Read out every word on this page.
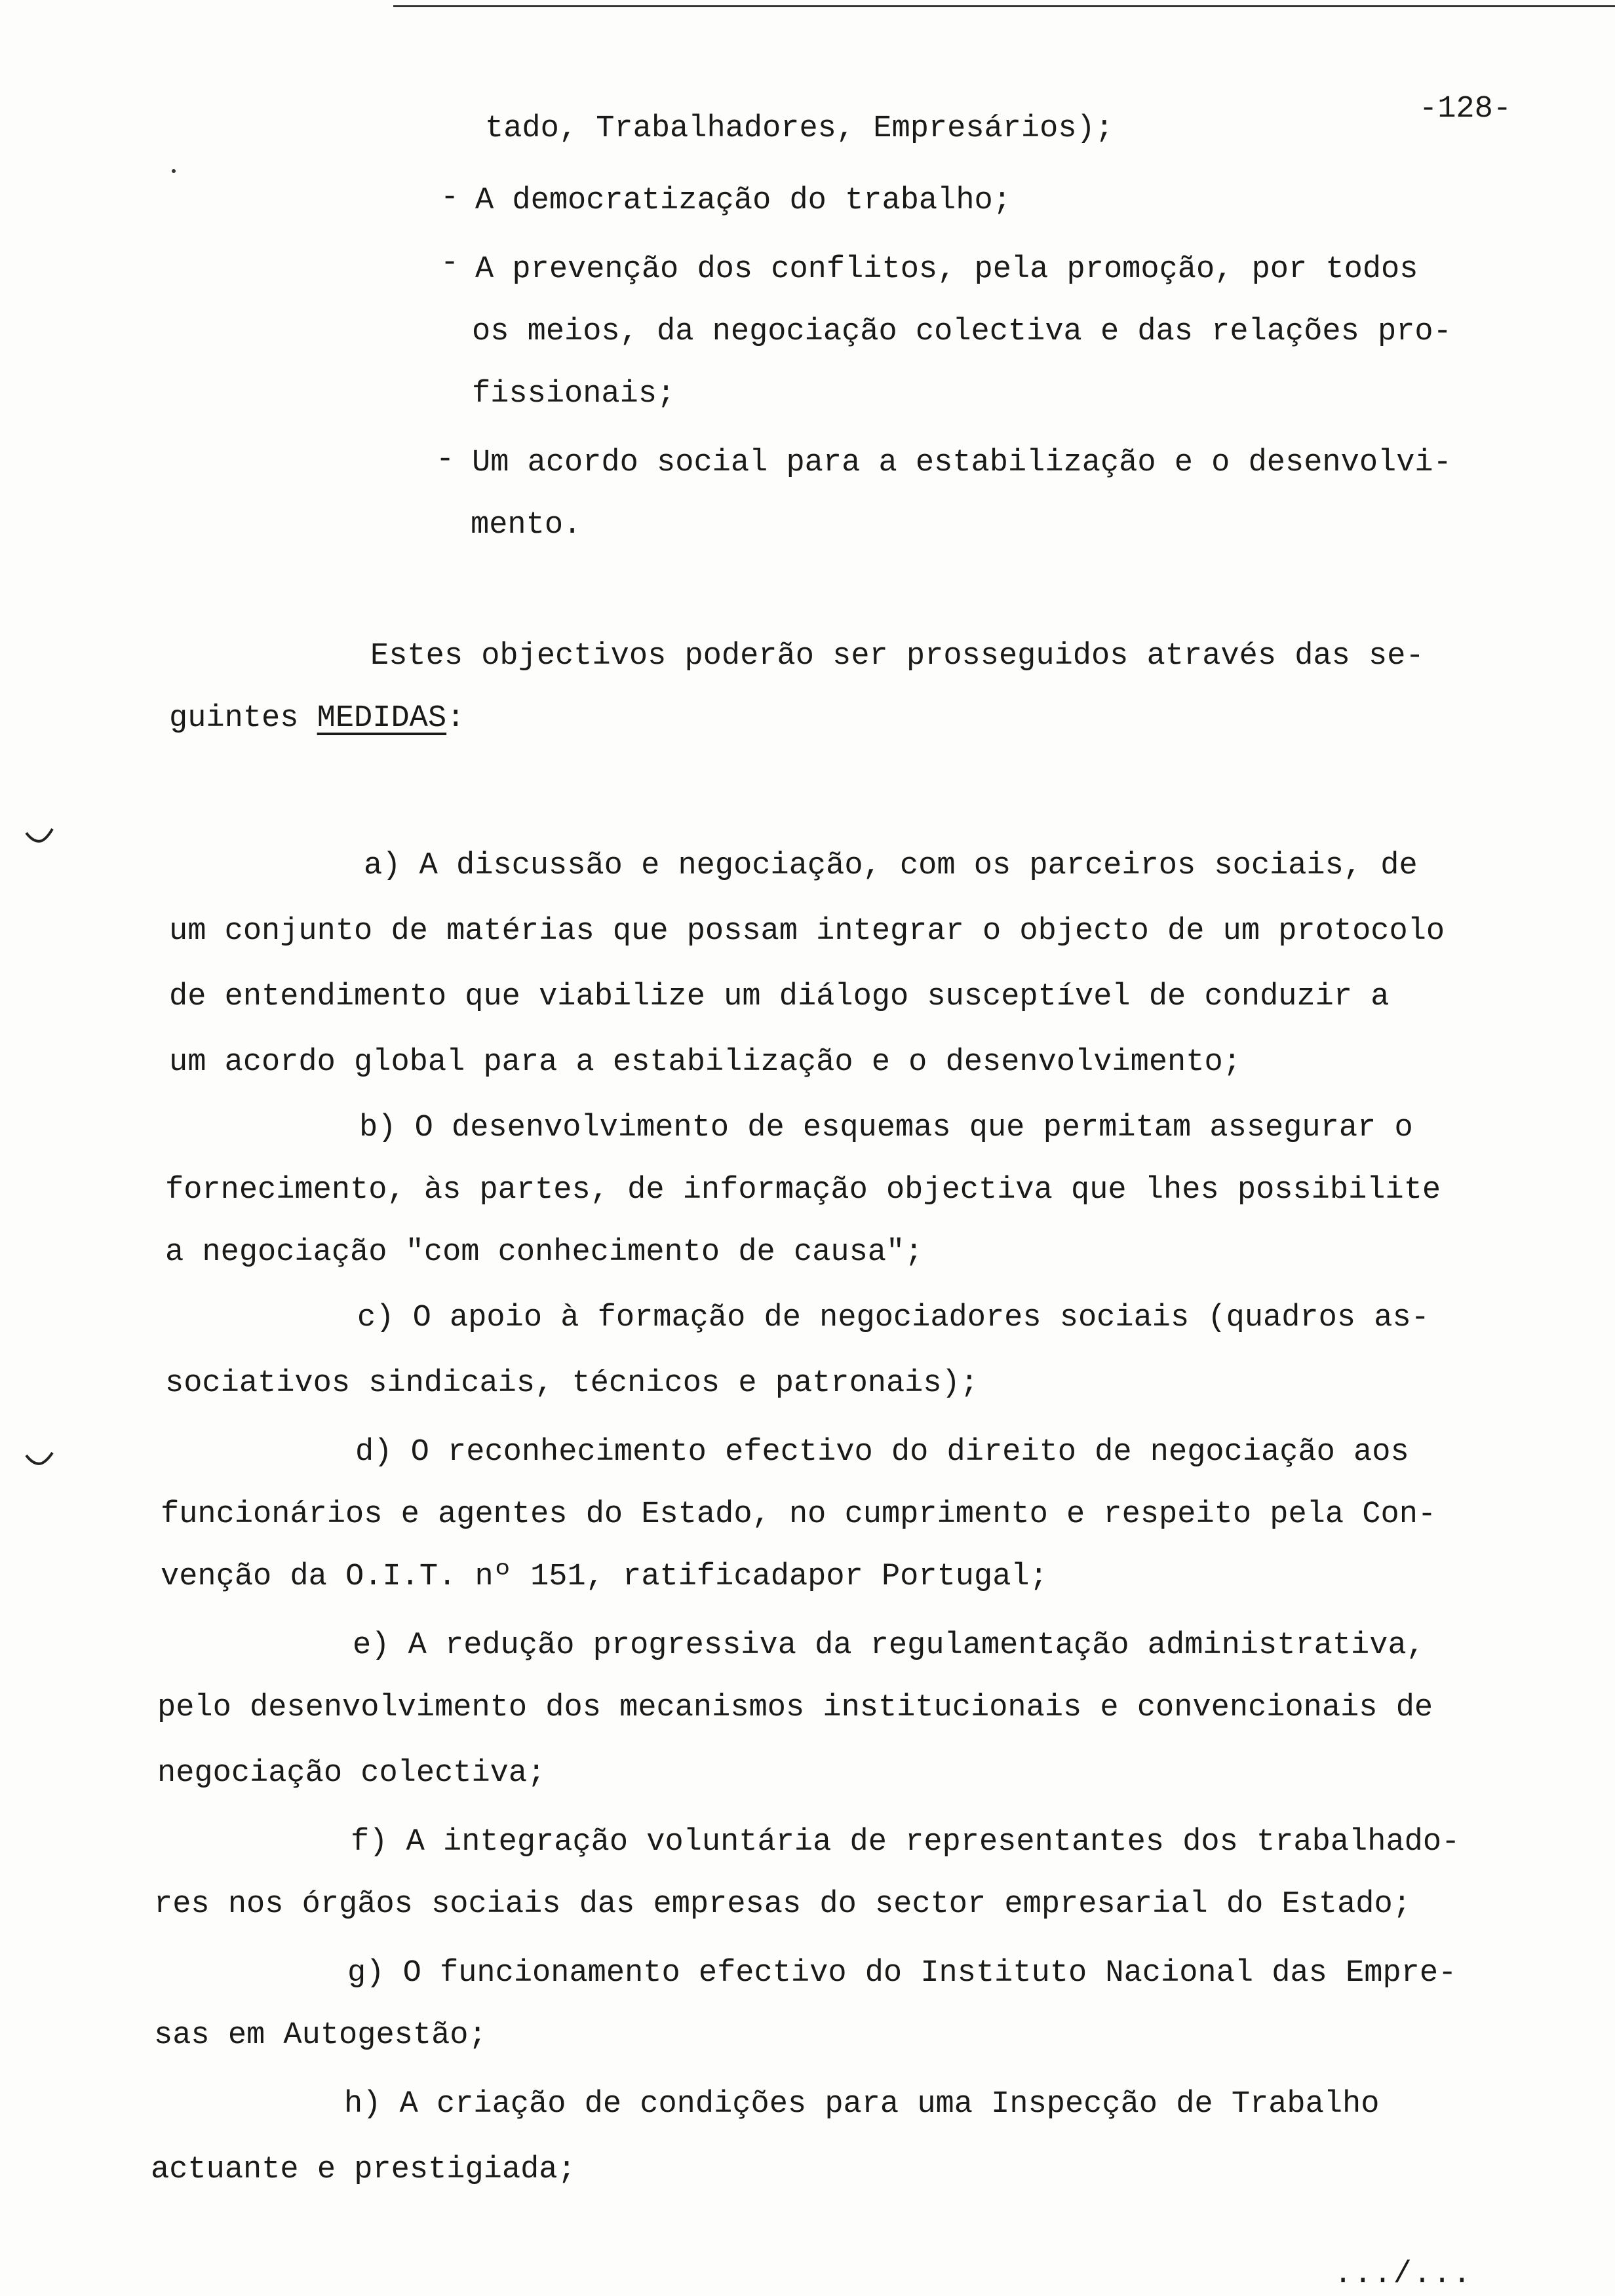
-128-
tado, Trabalhadores, Empresários);
- A democratização do trabalho;
- A prevenção dos conflitos, pela promoção, por todos
os meios, da negociação colectiva e das relações pro-
fissionais;
- Um acordo social para a estabilização e o desenvolvi-
mento.
Estes objectivos poderão ser prosseguidos através das se-
guintes MEDIDAS:
a) A discussão e negociação, com os parceiros sociais, de
um conjunto de matérias que possam integrar o objecto de um protocolo
de entendimento que viabilize um diálogo susceptível de conduzir a
um acordo global para a estabilização e o desenvolvimento;
b) O desenvolvimento de esquemas que permitam assegurar o
fornecimento, às partes, de informação objectiva que lhes possibilite
a negociação "com conhecimento de causa";
c) O apoio à formação de negociadores sociais (quadros as-
sociativos sindicais, técnicos e patronais);
d) O reconhecimento efectivo do direito de negociação aos
funcionários e agentes do Estado, no cumprimento e respeito pela Con-
venção da O.I.T. nº 151, ratificadapor Portugal;
e) A redução progressiva da regulamentação administrativa,
pelo desenvolvimento dos mecanismos institucionais e convencionais de
negociação colectiva;
f) A integração voluntária de representantes dos trabalhado-
res nos órgãos sociais das empresas do sector empresarial do Estado;
g) O funcionamento efectivo do Instituto Nacional das Empre-
sas em Autogestão;
h) A criação de condições para uma Inspecção de Trabalho
actuante e prestigiada;
.../...
